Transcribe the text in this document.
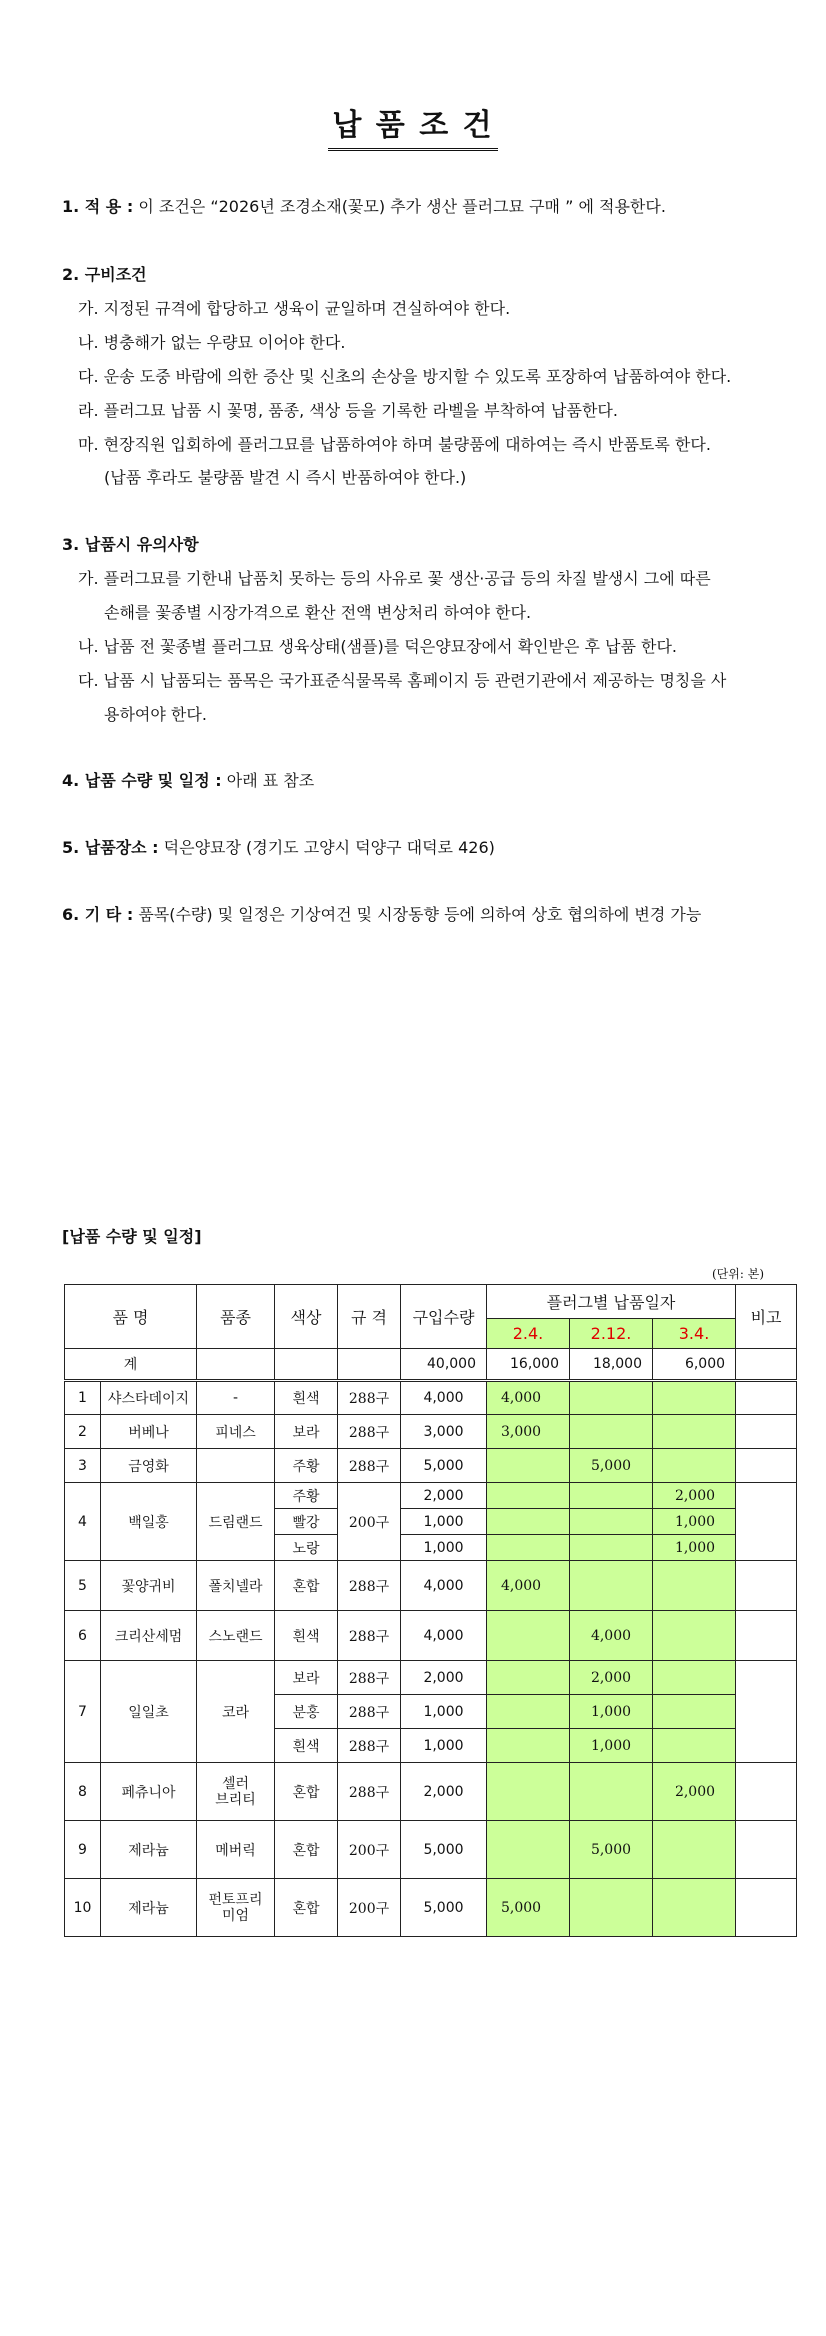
납 품 조 건
1. 적 용 : 이 조건은 “2026년 조경소재(꽃모) 추가 생산 플러그묘 구매 ” 에 적용한다.
2. 구비조건
가. 지정된 규격에 합당하고 생육이 균일하며 견실하여야 한다.
나. 병충해가 없는 우량묘 이어야 한다.
다. 운송 도중 바람에 의한 증산 및 신초의 손상을 방지할 수 있도록 포장하여 납품하여야 한다.
라. 플러그묘 납품 시 꽃명, 품종, 색상 등을 기록한 라벨을 부착하여 납품한다.
마. 현장직원 입회하에 플러그묘를 납품하여야 하며 불량품에 대하여는 즉시 반품토록 한다.
(납품 후라도 불량품 발견 시 즉시 반품하여야 한다.)
3. 납품시 유의사항
가. 플러그묘를 기한내 납품치 못하는 등의 사유로 꽃 생산·공급 등의 차질 발생시 그에 따른
손해를 꽃종별 시장가격으로 환산 전액 변상처리 하여야 한다.
나. 납품 전 꽃종별 플러그묘 생육상태(샘플)를 덕은양묘장에서 확인받은 후 납품 한다.
다. 납품 시 납품되는 품목은 국가표준식물목록 홈페이지 등 관련기관에서 제공하는 명칭을 사
용하여야 한다.
4. 납품 수량 및 일정 : 아래 표 참조
5. 납품장소 : 덕은양묘장 (경기도 고양시 덕양구 대덕로 426)
6. 기 타 : 품목(수량) 및 일정은 기상여건 및 시장동향 등에 의하여 상호 협의하에 변경 가능
[납품 수량 및 일정]
(단위: 본)
품 명		품종	색상	규 격	구입수량	플러그별 납품일자			비고
						2.4.	2.12.	3.4.	
계					40,000	16,000	18,000	6,000	
1	샤스타데이지	-	흰색	288구	4,000	4,000			
2	버베나	피네스	보라	288구	3,000	3,000			
3	금영화		주황	288구	5,000		5,000		
4	백일홍	드림랜드	주황	200구	2,000			2,000	
			빨강		1,000			1,000	
			노랑		1,000			1,000	
5	꽃양귀비	폴치넬라	혼합	288구	4,000	4,000			
6	크리산세멈	스노랜드	흰색	288구	4,000		4,000		
7	일일초	코라	보라	288구	2,000		2,000		
			분홍	288구	1,000		1,000		
			흰색	288구	1,000		1,000		
8	페츄니아	셀러
브리티	혼합	288구	2,000			2,000	
9	제라늄	메버릭	혼합	200구	5,000		5,000		
10	제라늄	펀토프리
미엄	혼합	200구	5,000	5,000			
